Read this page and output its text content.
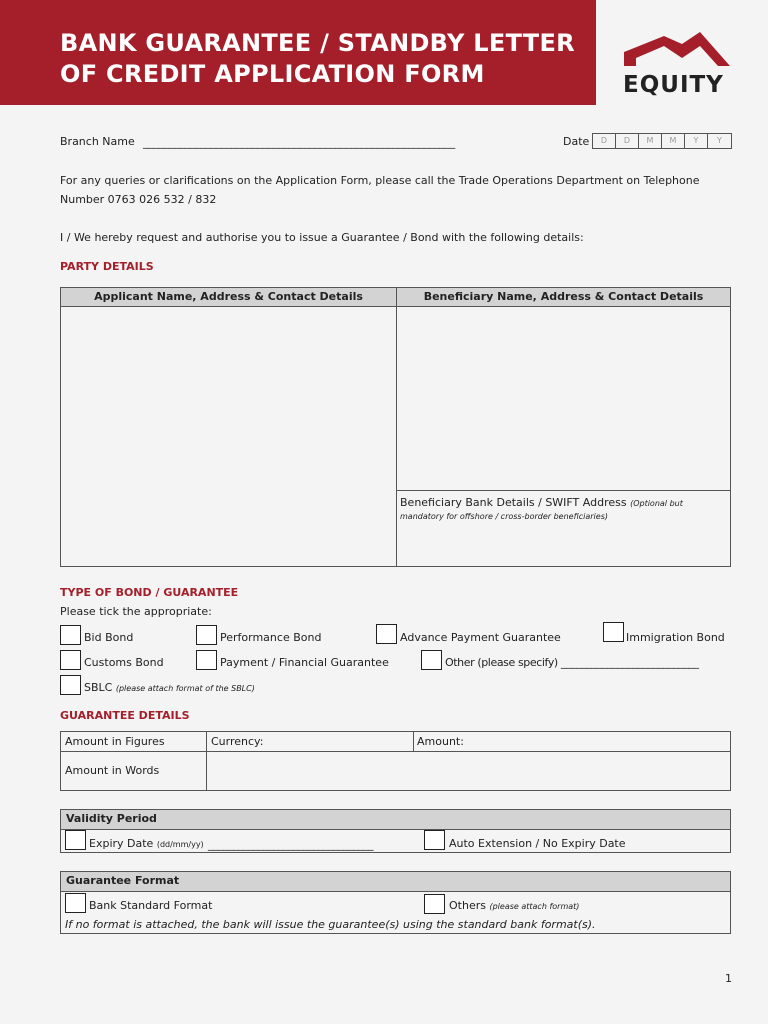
BANK GUARANTEE / STANDBY LETTER
OF CREDIT APPLICATION FORM	EQUITY
Branch Name ____________________________________________________________	Date	D	D	M	M	Y	Y
For any queries or clarifications on the Application Form, please call the Trade Operations Department on Telephone
Number 0763 026 532 / 832
I / We hereby request and authorise you to issue a Guarantee / Bond with the following details:
PARTY DETAILS
Applicant Name, Address & Contact Details	Beneficiary Name, Address & Contact Details
Beneficiary Bank Details / SWIFT Address (Optional but
mandatory for offshore / cross-border beneficiaries)
TYPE OF BOND / GUARANTEE
Please tick the appropriate:
Bid Bond	Performance Bond	Advance Payment Guarantee	Immigration Bond
Customs Bond	Payment / Financial Guarantee	Other (please specify) ___________________________
SBLC (please attach format of the SBLC)
GUARANTEE DETAILS
Amount in Figures	Currency:	Amount:
Amount in Words
Validity Period
Expiry Date (dd/mm/yy) _________________________________	Auto Extension / No Expiry Date
Guarantee Format
Bank Standard Format	Others (please attach format)
If no format is attached, the bank will issue the guarantee(s) using the standard bank format(s).
1
